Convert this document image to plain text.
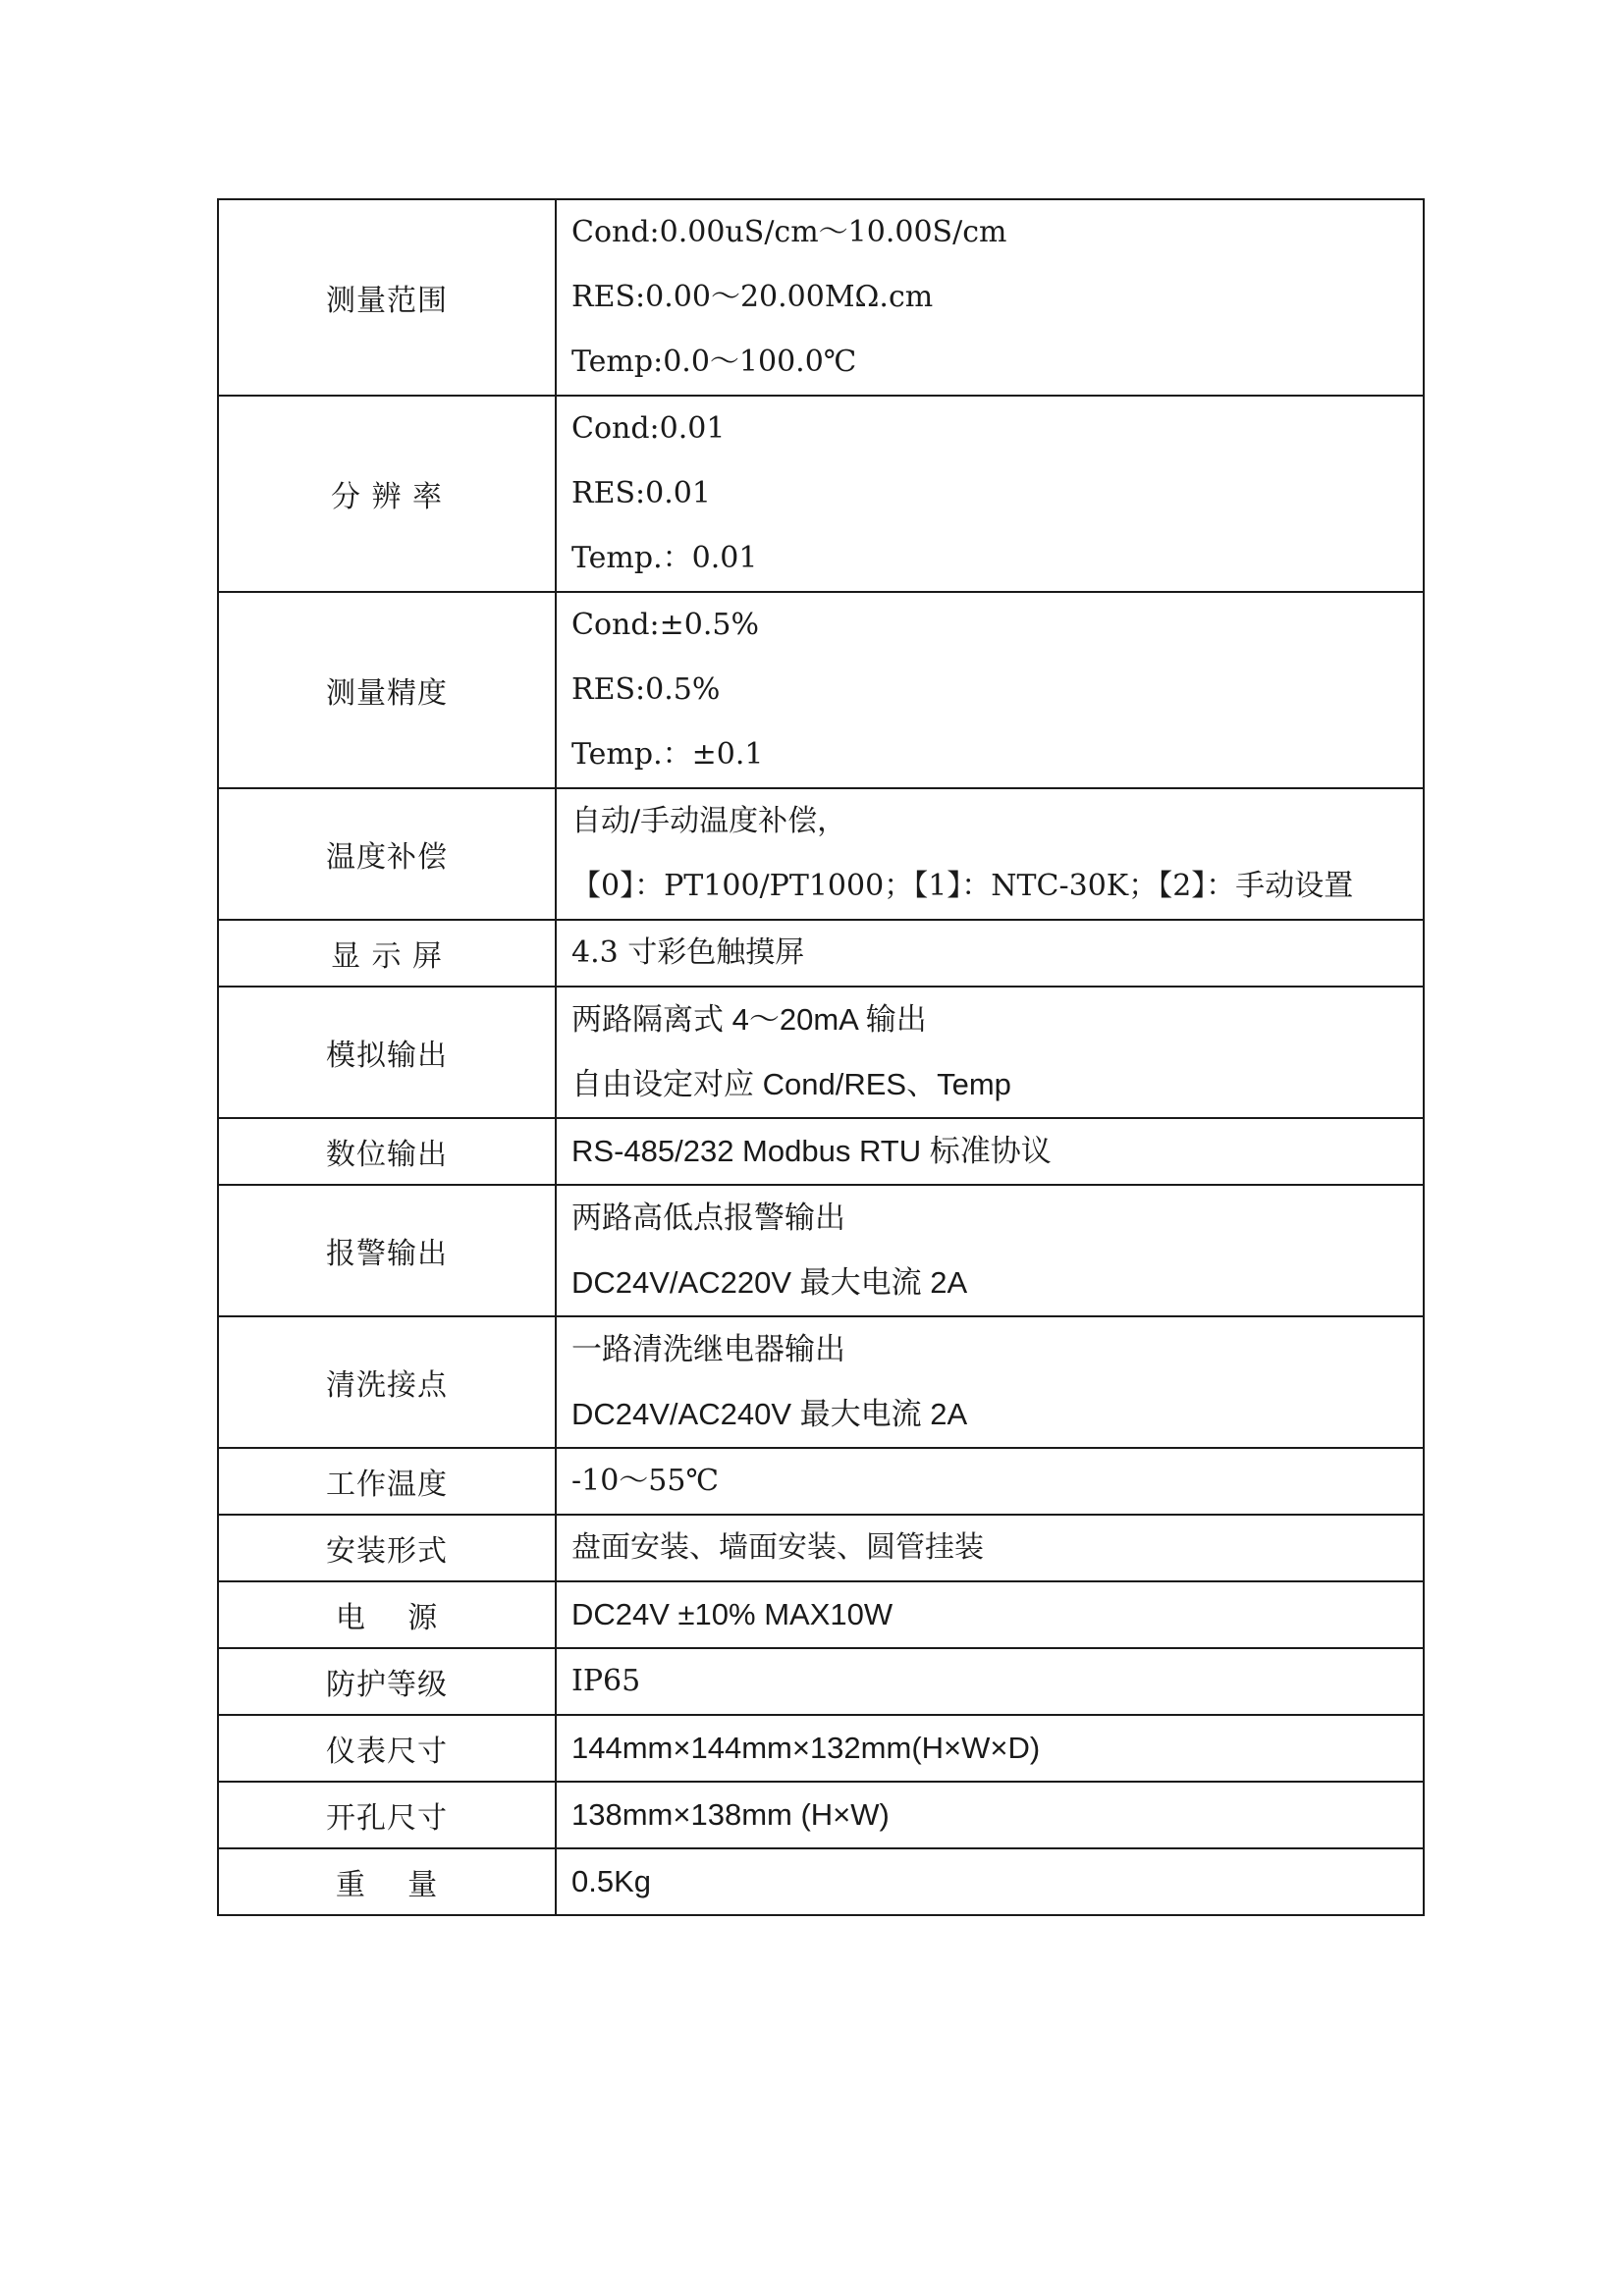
测量范围	Cond:0.00uS/cm～10.00S/cm
RES:0.00～20.00MΩ.cm
Temp:0.0～100.0℃

分 辨 率	Cond:0.01
RES:0.01
Temp.：0.01

测量精度	Cond:±0.5%
RES:0.5%
Temp.：±0.1

温度补偿	自动/手动温度补偿，
【0】：PT100/PT1000；【1】：NTC-30K；【2】：手动设置

显 示 屏	4.3 寸彩色触摸屏

模拟输出	两路隔离式 4～20mA 输出
自由设定对应 Cond/RES、Temp

数位输出	RS-485/232 Modbus RTU 标准协议

报警输出	两路高低点报警输出
DC24V/AC220V 最大电流 2A

清洗接点	一路清洗继电器输出
DC24V/AC240V 最大电流 2A

工作温度	-10～55℃

安装形式	盘面安装、墙面安装、圆管挂装

电    源	DC24V ±10% MAX10W

防护等级	IP65

仪表尺寸	144mm×144mm×132mm(H×W×D)

开孔尺寸	138mm×138mm (H×W)

重    量	0.5Kg
